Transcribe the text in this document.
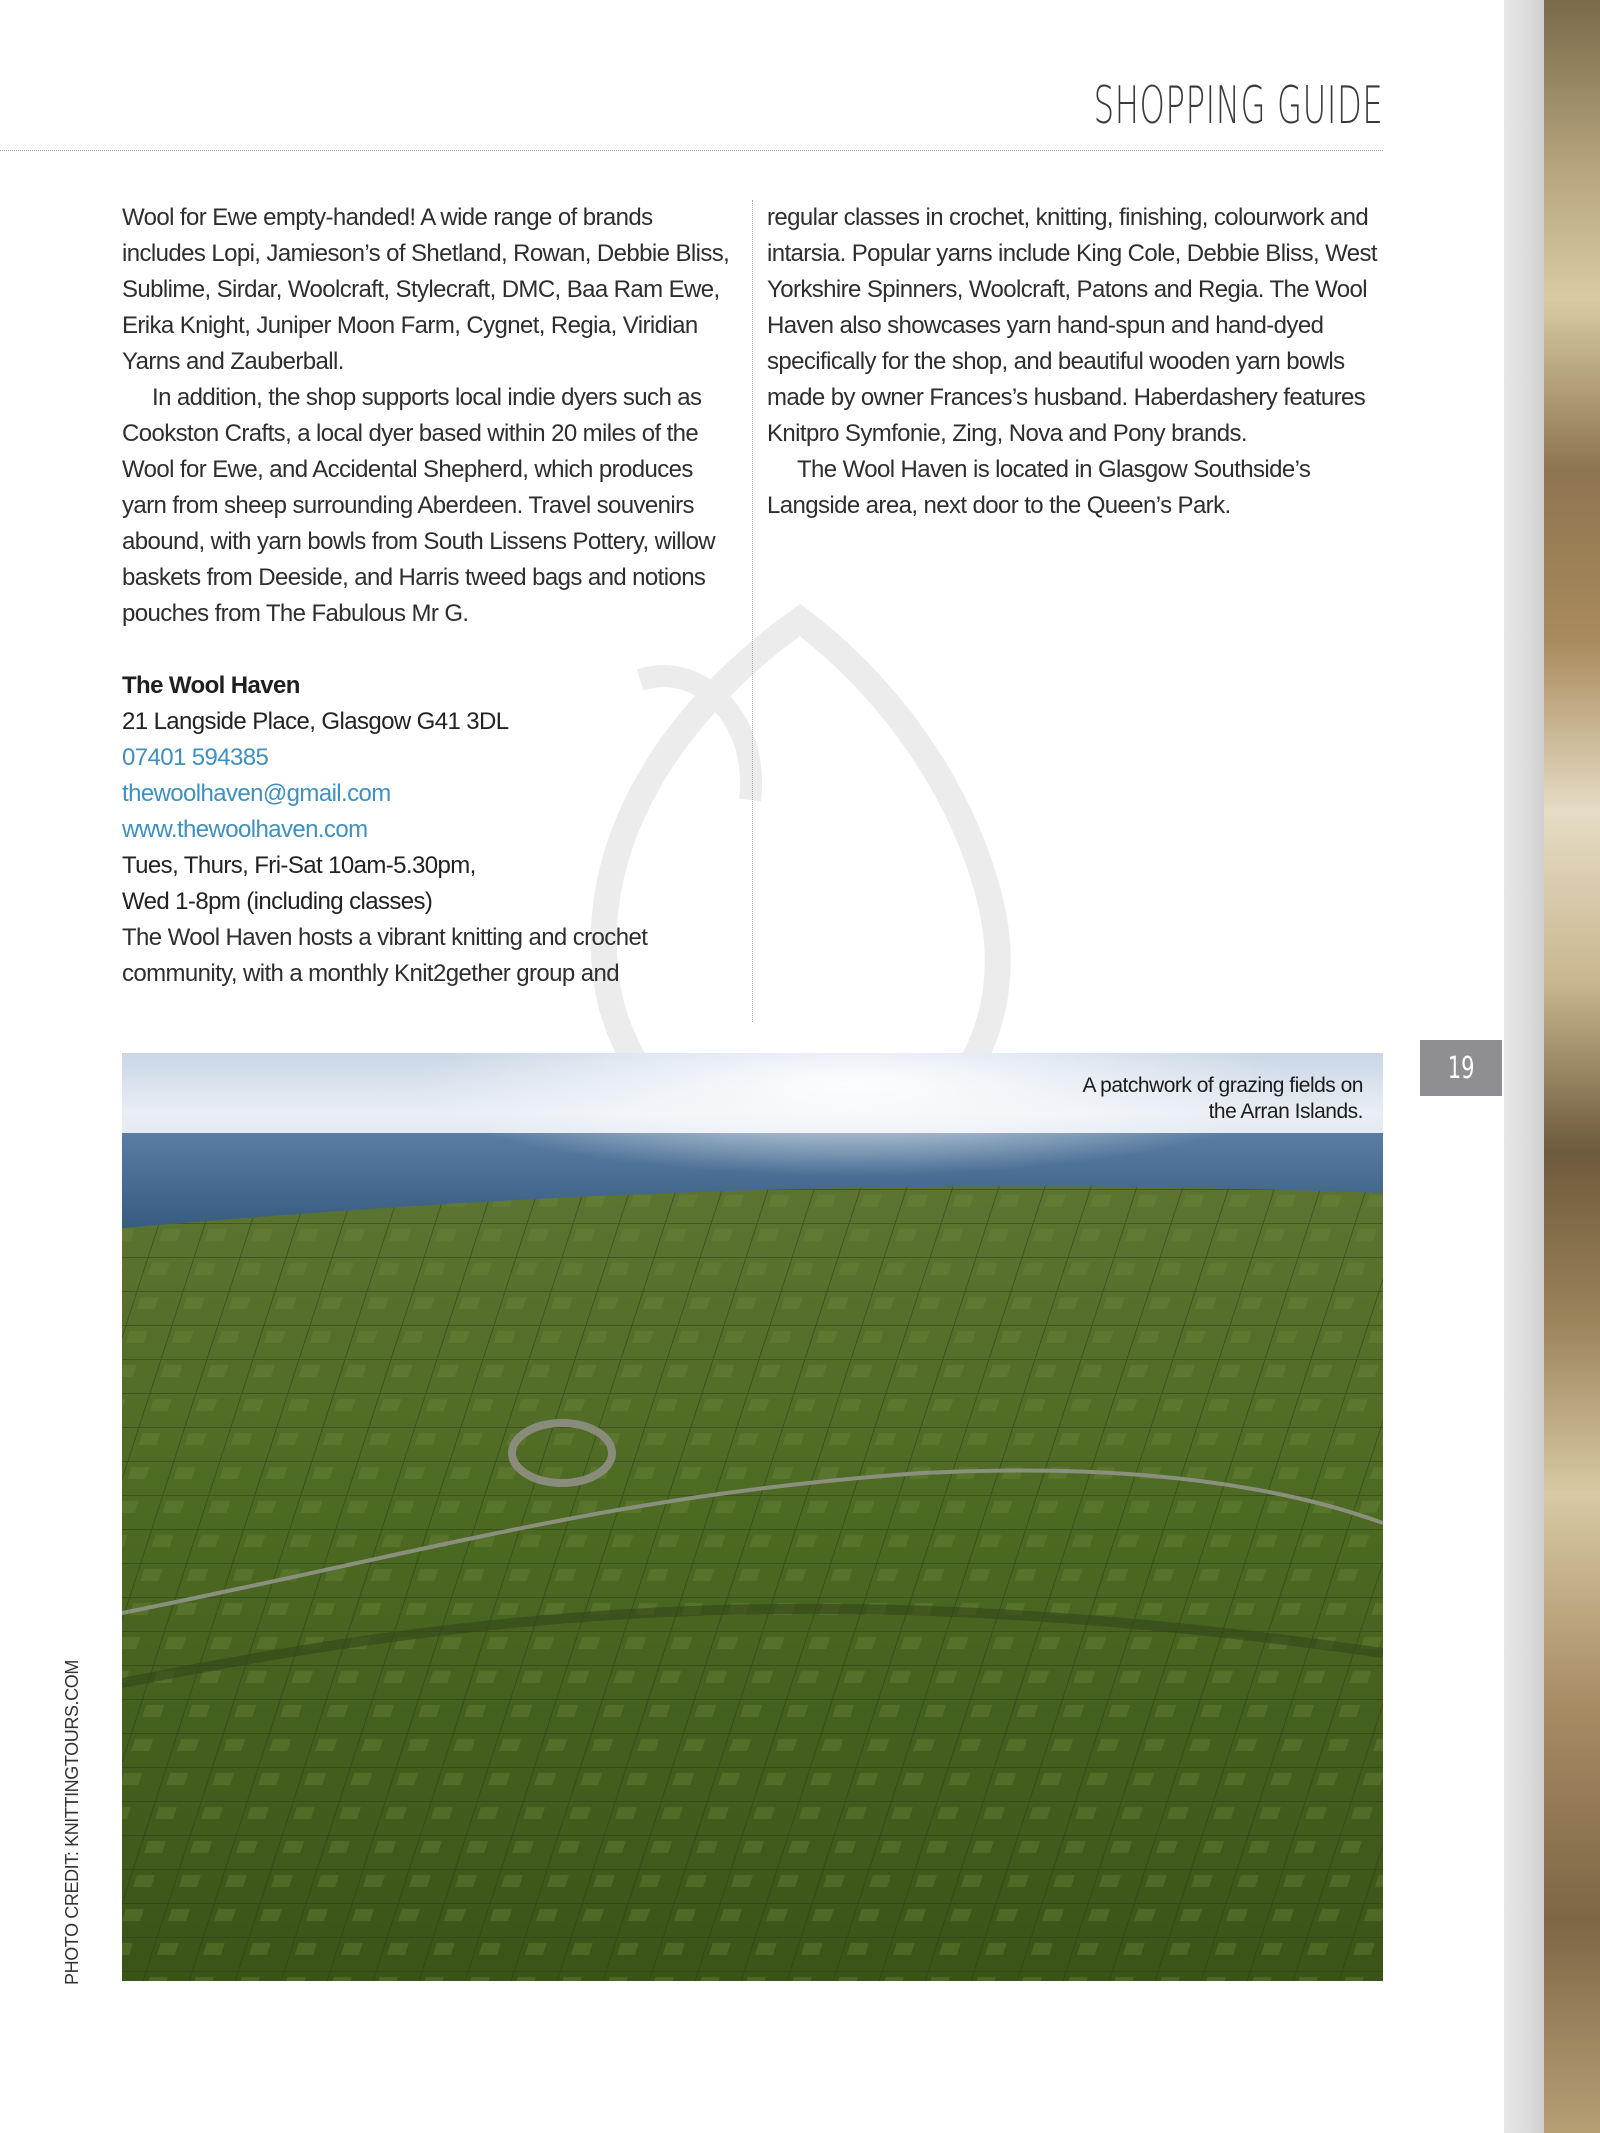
SHOPPING GUIDE

Wool for Ewe empty-handed! A wide range of brands includes Lopi, Jamieson’s of Shetland, Rowan, Debbie Bliss, Sublime, Sirdar, Woolcraft, Stylecraft, DMC, Baa Ram Ewe, Erika Knight, Juniper Moon Farm, Cygnet, Regia, Viridian Yarns and Zauberball.

In addition, the shop supports local indie dyers such as Cookston Crafts, a local dyer based within 20 miles of the Wool for Ewe, and Accidental Shepherd, which produces yarn from sheep surrounding Aberdeen. Travel souvenirs abound, with yarn bowls from South Lissens Pottery, willow baskets from Deeside, and Harris tweed bags and notions pouches from The Fabulous Mr G.

The Wool Haven
21 Langside Place, Glasgow G41 3DL
07401 594385
thewoolhaven@gmail.com
www.thewoolhaven.com
Tues, Thurs, Fri-Sat 10am-5.30pm,
Wed 1-8pm (including classes)

The Wool Haven hosts a vibrant knitting and crochet community, with a monthly Knit2gether group and

regular classes in crochet, knitting, finishing, colourwork and intarsia. Popular yarns include King Cole, Debbie Bliss, West Yorkshire Spinners, Woolcraft, Patons and Regia. The Wool Haven also showcases yarn hand-spun and hand-dyed specifically for the shop, and beautiful wooden yarn bowls made by owner Frances’s husband. Haberdashery features Knitpro Symfonie, Zing, Nova and Pony brands.

The Wool Haven is located in Glasgow Southside’s Langside area, next door to the Queen’s Park.

19

A patchwork of grazing fields on the Arran Islands.

PHOTO CREDIT: KNITTINGTOURS.COM
